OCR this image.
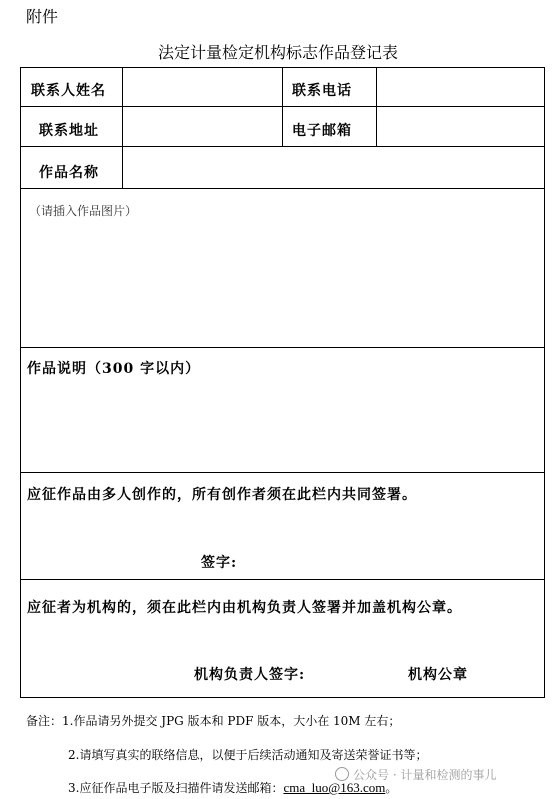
附件
法定计量检定机构标志作品登记表
联系人姓名	联系电话
联系地址	电子邮箱
作品名称
（请插入作品图片）
作品说明（300 字以内）
应征作品由多人创作的，所有创作者须在此栏内共同签署。
签字:
应征者为机构的，须在此栏内由机构负责人签署并加盖机构公章。
机构负责人签字:	机构公章
备注：1.作品请另外提交 JPG 版本和 PDF 版本，大小在 10M 左右；
2.请填写真实的联络信息，以便于后续活动通知及寄送荣誉证书等；
3.应征作品电子版及扫描件请发送邮箱：cma_luo@163.com。
公众号 · 计量和检测的事儿
